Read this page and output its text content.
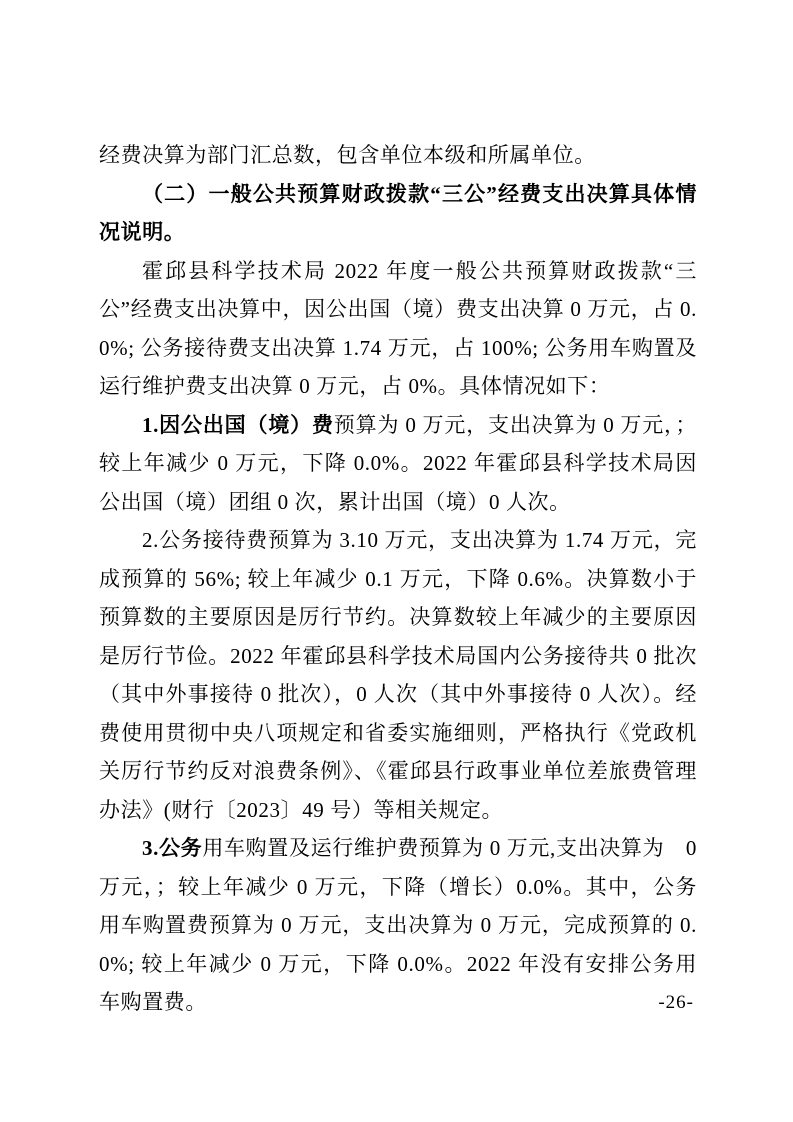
经费决算为部门汇总数，包含单位本级和所属单位。

（二）一般公共预算财政拨款“三公”经费支出决算具体情况说明。

霍邱县科学技术局 2022 年度一般公共预算财政拨款“三公”经费支出决算中，因公出国（境）费支出决算 0 万元，占 0.0%; 公务接待费支出决算 1.74 万元，占 100%; 公务用车购置及运行维护费支出决算 0 万元，占 0%。具体情况如下：

1.因公出国（境）费预算为 0 万元，支出决算为 0 万元，；较上年减少 0 万元，下降 0.0%。2022 年霍邱县科学技术局因公出国（境）团组 0 次，累计出国（境）0 人次。

2.公务接待费预算为 3.10 万元，支出决算为 1.74 万元，完成预算的 56%; 较上年减少 0.1 万元，下降 0.6%。决算数小于预算数的主要原因是厉行节约。决算数较上年减少的主要原因是厉行节俭。2022 年霍邱县科学技术局国内公务接待共 0 批次（其中外事接待 0 批次），0 人次（其中外事接待 0 人次）。经费使用贯彻中央八项规定和省委实施细则，严格执行《党政机关厉行节约反对浪费条例》、《霍邱县行政事业单位差旅费管理办法》(财行〔2023〕49 号）等相关规定。

3.公务用车购置及运行维护费预算为 0 万元,支出决算为　0 万元，；较上年减少 0 万元，下降（增长）0.0%。其中，公务用车购置费预算为 0 万元，支出决算为 0 万元，完成预算的 0.0%; 较上年减少 0 万元，下降 0.0%。2022 年没有安排公务用车购置费。	-26-
